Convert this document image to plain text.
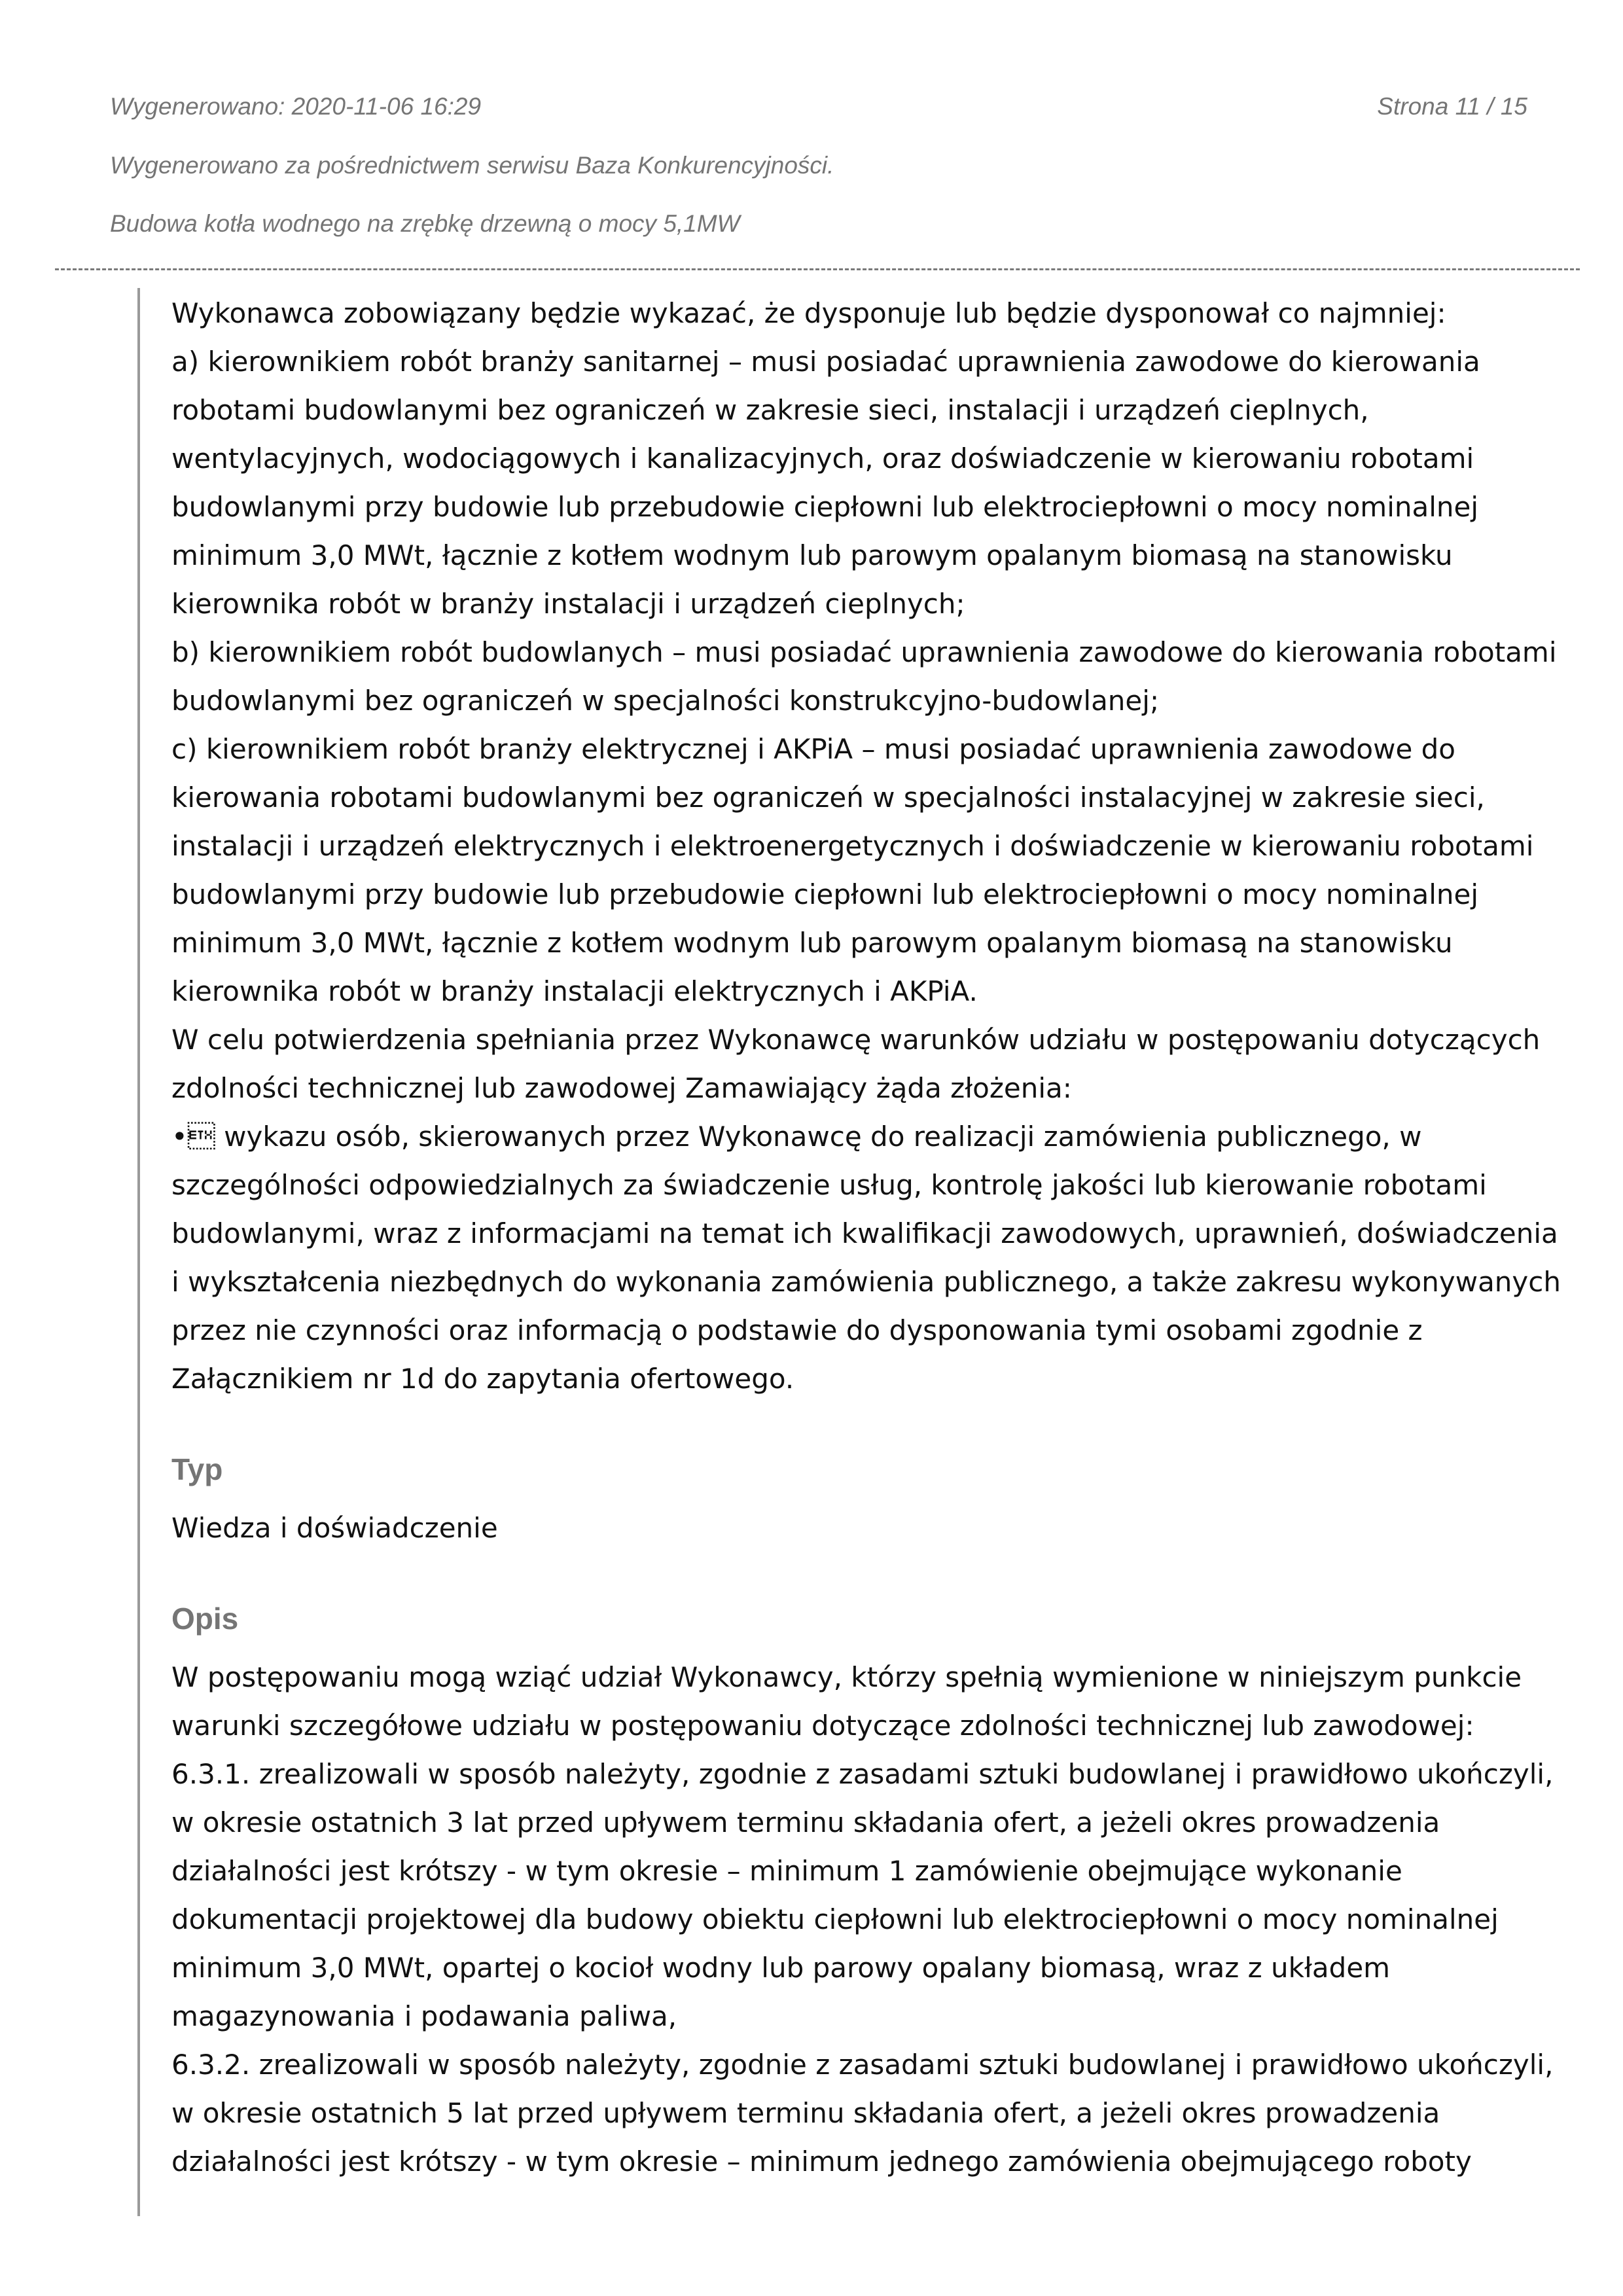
Wygenerowano: 2020-11-06 16:29	Strona 11 / 15
Wygenerowano za pośrednictwem serwisu Baza Konkurencyjności.
Budowa kotła wodnego na zrębkę drzewną o mocy 5,1MW
Wykonawca zobowiązany będzie wykazać, że dysponuje lub będzie dysponował co najmniej:
a) kierownikiem robót branży sanitarnej – musi posiadać uprawnienia zawodowe do kierowania
robotami budowlanymi bez ograniczeń w zakresie sieci, instalacji i urządzeń cieplnych,
wentylacyjnych, wodociągowych i kanalizacyjnych, oraz doświadczenie w kierowaniu robotami
budowlanymi przy budowie lub przebudowie ciepłowni lub elektrociepłowni o mocy nominalnej
minimum 3,0 MWt, łącznie z kotłem wodnym lub parowym opalanym biomasą na stanowisku
kierownika robót w branży instalacji i urządzeń cieplnych;
b) kierownikiem robót budowlanych – musi posiadać uprawnienia zawodowe do kierowania robotami
budowlanymi bez ograniczeń w specjalności konstrukcyjno-budowlanej;
c) kierownikiem robót branży elektrycznej i AKPiA – musi posiadać uprawnienia zawodowe do
kierowania robotami budowlanymi bez ograniczeń w specjalności instalacyjnej w zakresie sieci,
instalacji i urządzeń elektrycznych i elektroenergetycznych i doświadczenie w kierowaniu robotami
budowlanymi przy budowie lub przebudowie ciepłowni lub elektrociepłowni o mocy nominalnej
minimum 3,0 MWt, łącznie z kotłem wodnym lub parowym opalanym biomasą na stanowisku
kierownika robót w branży instalacji elektrycznych i AKPiA.
W celu potwierdzenia spełniania przez Wykonawcę warunków udziału w postępowaniu dotyczących
zdolności technicznej lub zawodowej Zamawiający żąda złożenia:
• wykazu osób, skierowanych przez Wykonawcę do realizacji zamówienia publicznego, w
szczególności odpowiedzialnych za świadczenie usług, kontrolę jakości lub kierowanie robotami
budowlanymi, wraz z informacjami na temat ich kwalifikacji zawodowych, uprawnień, doświadczenia
i wykształcenia niezbędnych do wykonania zamówienia publicznego, a także zakresu wykonywanych
przez nie czynności oraz informacją o podstawie do dysponowania tymi osobami zgodnie z
Załącznikiem nr 1d do zapytania ofertowego.
Typ
Wiedza i doświadczenie
Opis
W postępowaniu mogą wziąć udział Wykonawcy, którzy spełnią wymienione w niniejszym punkcie
warunki szczegółowe udziału w postępowaniu dotyczące zdolności technicznej lub zawodowej:
6.3.1. zrealizowali w sposób należyty, zgodnie z zasadami sztuki budowlanej i prawidłowo ukończyli,
w okresie ostatnich 3 lat przed upływem terminu składania ofert, a jeżeli okres prowadzenia
działalności jest krótszy - w tym okresie – minimum 1 zamówienie obejmujące wykonanie
dokumentacji projektowej dla budowy obiektu ciepłowni lub elektrociepłowni o mocy nominalnej
minimum 3,0 MWt, opartej o kocioł wodny lub parowy opalany biomasą, wraz z układem
magazynowania i podawania paliwa,
6.3.2. zrealizowali w sposób należyty, zgodnie z zasadami sztuki budowlanej i prawidłowo ukończyli,
w okresie ostatnich 5 lat przed upływem terminu składania ofert, a jeżeli okres prowadzenia
działalności jest krótszy - w tym okresie – minimum jednego zamówienia obejmującego roboty
